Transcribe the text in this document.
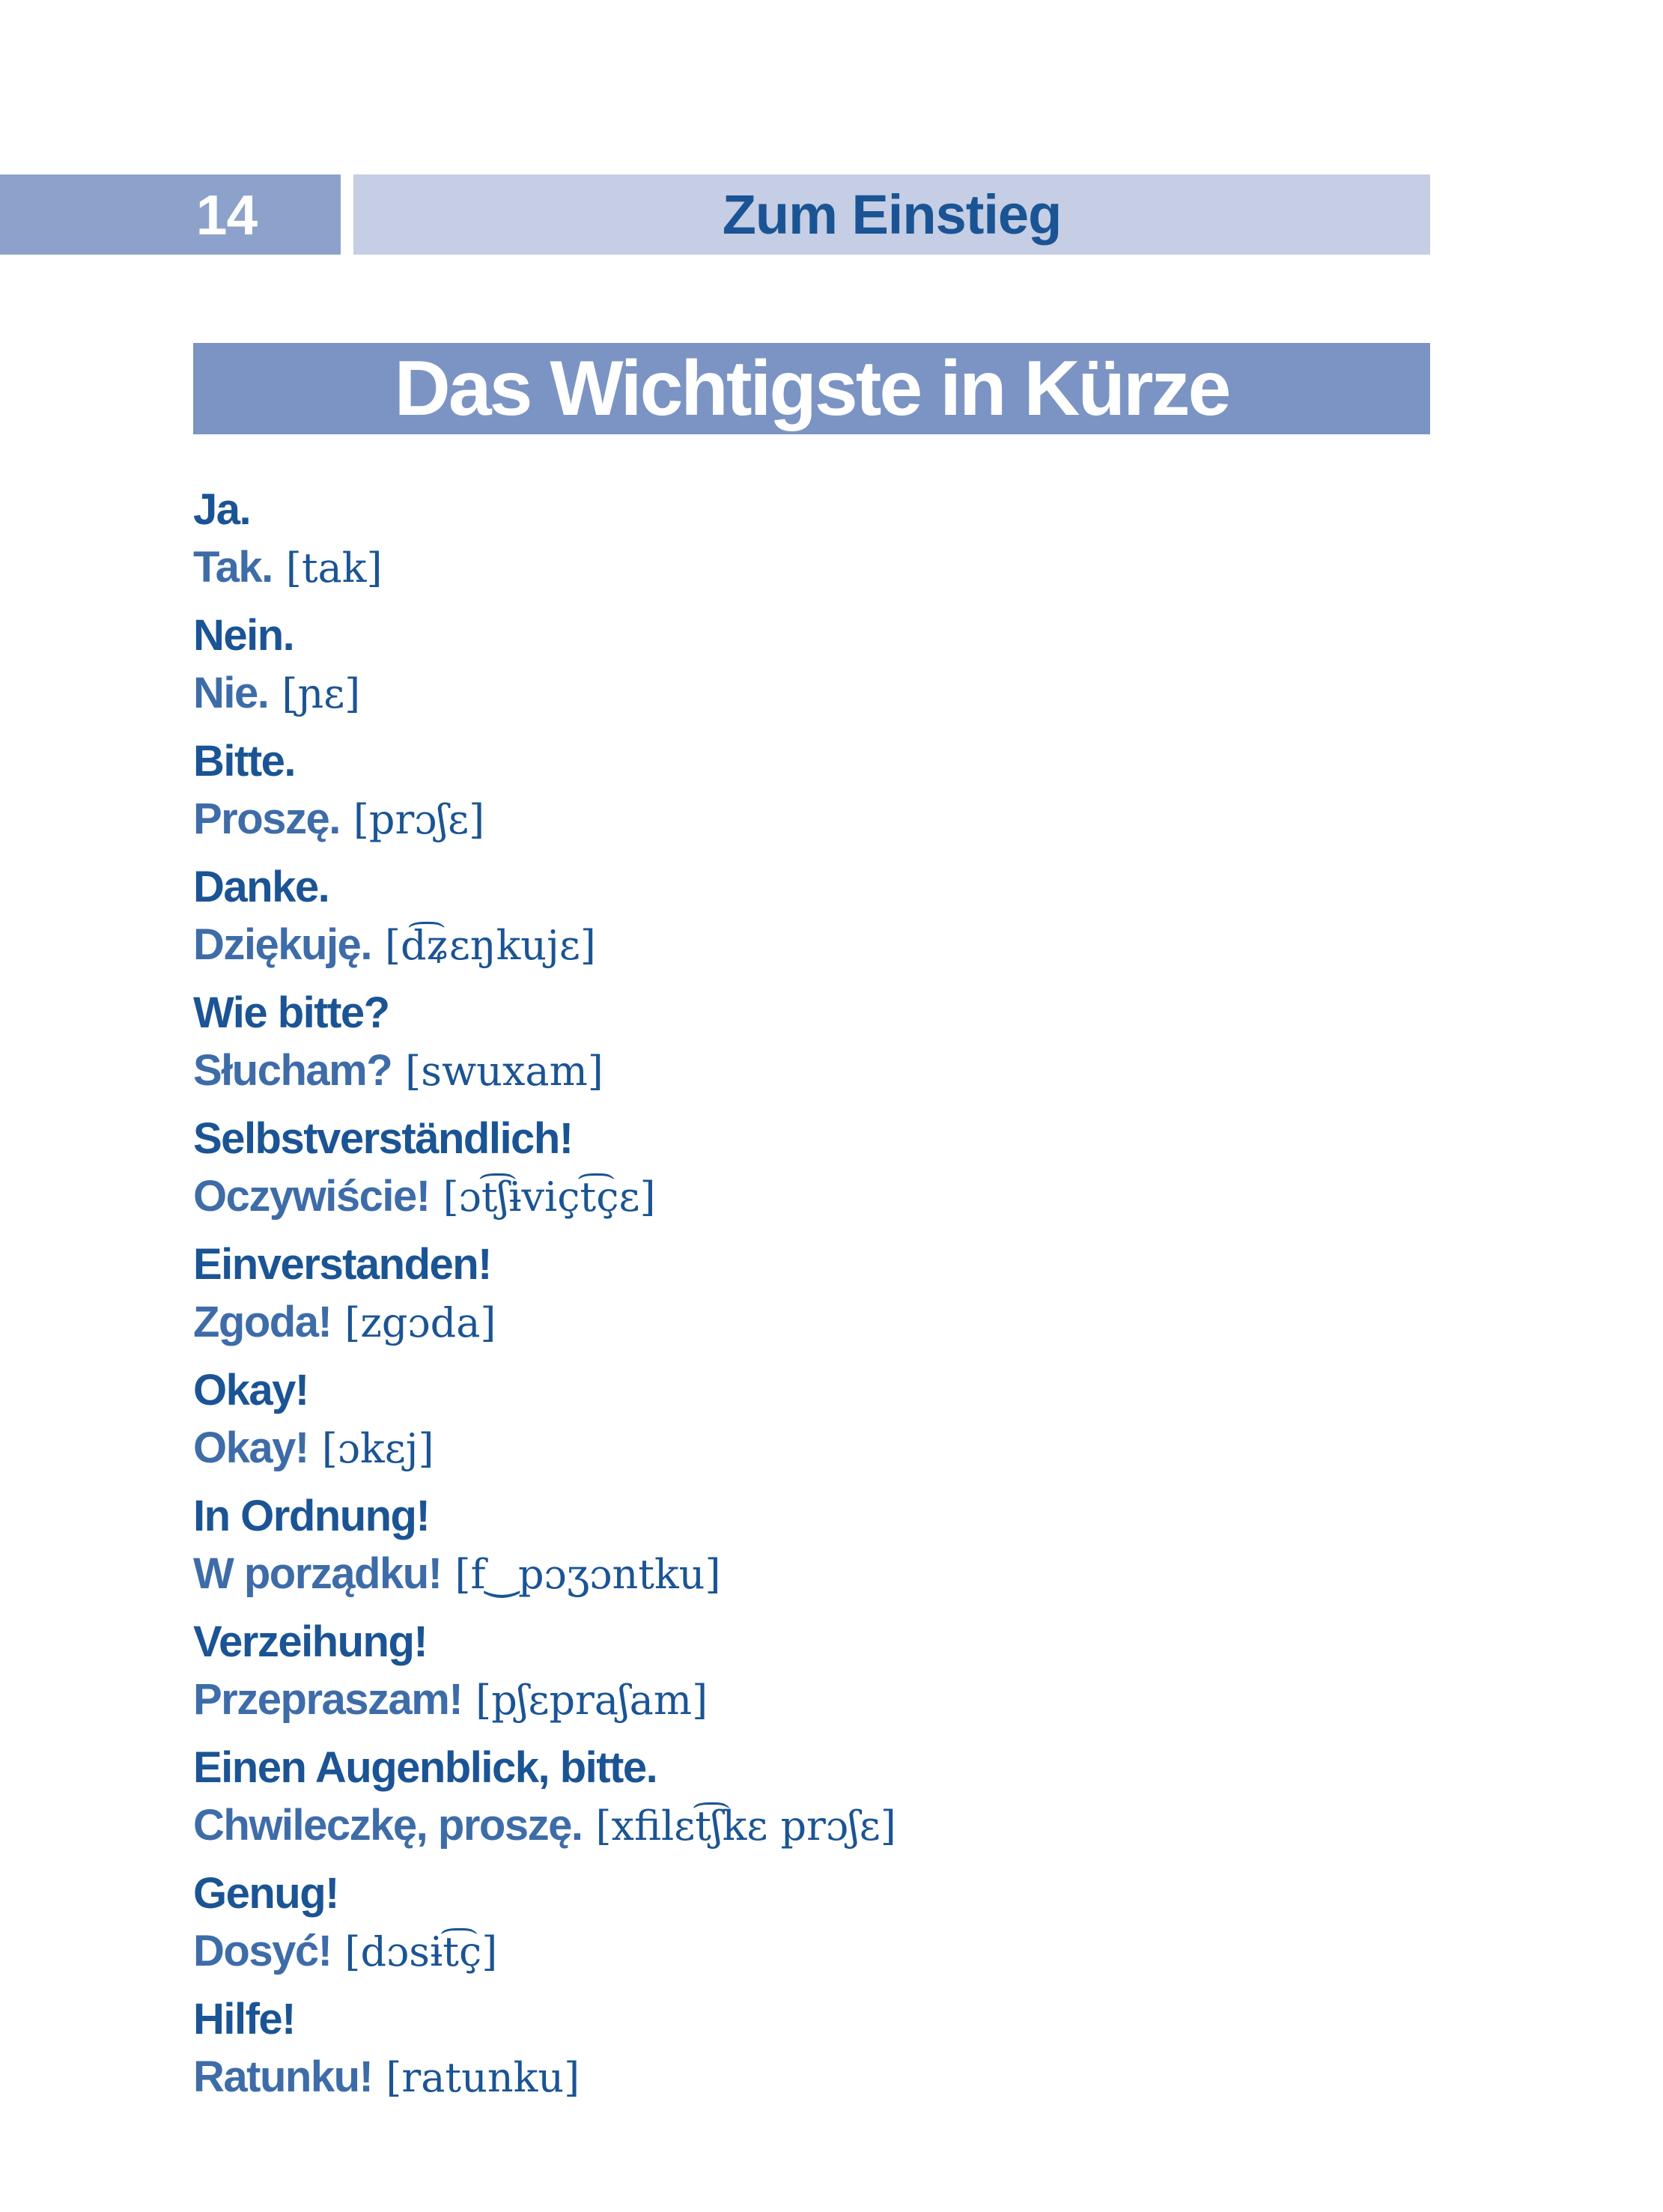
14	Zum Einstieg
Das Wichtigste in Kürze
Ja.
Tak. [tak]
Nein.
Nie. [ɲɛ]
Bitte.
Proszę. [prɔʃɛ]
Danke.
Dziękuję. [d͡ʑɛŋkujɛ]
Wie bitte?
Słucham? [swuxam]
Selbstverständlich!
Oczywiście! [ɔt͡ʃɨviçt͡çɛ]
Einverstanden!
Zgoda! [zgɔda]
Okay!
Okay! [ɔkɛj]
In Ordnung!
W porządku! [f‿pɔʒɔntku]
Verzeihung!
Przepraszam! [pʃɛpraʃam]
Einen Augenblick, bitte.
Chwileczkę, proszę. [xfilɛt͡ʃkɛ prɔʃɛ]
Genug!
Dosyć! [dɔsɨt͡ç]
Hilfe!
Ratunku! [ratunku]
